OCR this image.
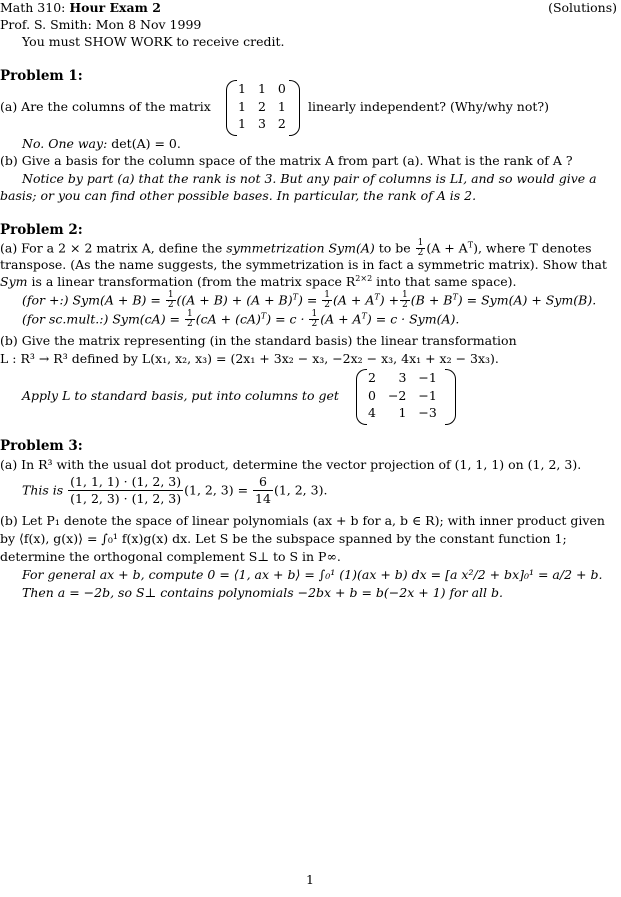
Math 310: Hour Exam 2	(Solutions)
Prof. S. Smith: Mon 8 Nov 1999
You must SHOW WORK to receive credit.
Problem 1:
(a) Are the columns of the matrix
1	1	0
1	2	1
1	3	2
linearly independent? (Why/why not?)
No. One way: det(A) = 0.
(b) Give a basis for the column space of the matrix A from part (a). What is the rank of A ?
Notice by part (a) that the rank is not 3. But any pair of columns is LI, and so would give a
basis; or you can find other possible bases. In particular, the rank of A is 2.
Problem 2:
(a) For a 2 × 2 matrix A, define the symmetrization Sym(A) to be $\frac{1}{2} (A + A^T)$, where T denotes
transpose. (As the name suggests, the symmetrization is in fact a symmetric matrix). Show that
Sym is a linear transformation (from the matrix space $R^{2\times 2}$ into that same space).
(for +:) $Sym(A + B) = \frac{1}{2} ((A + B) + (A + B)^T) = \frac{1}{2} (A + A^T) + \frac{1}{2} (B + B^T) = Sym(A) + Sym(B)$.
(for sc.mult.:) $Sym(cA) = \frac{1}{2} (cA + (cA)^T) = c \cdot \frac{1}{2} (A + A^T) = c \cdot Sym(A)$.
(b) Give the matrix representing (in the standard basis) the linear transformation
L : R³ → R³ defined by L(x₁, x₂, x₃) = (2x₁ + 3x₂ − x₃, −2x₂ − x₃, 4x₁ + x₂ − 3x₃).
Apply L to standard basis, put into columns to get
2	3	−1
0	−2	−1
4	1	−3
Problem 3:
(a) In R³ with the usual dot product, determine the vector projection of (1, 1, 1) on (1, 2, 3).
This is $\frac{(1, 1, 1) \cdot (1, 2, 3)}{(1, 2, 3) \cdot (1, 2, 3)} (1$, 2, $3) = \frac{6}{14} (1$, 2, 3).
(b) Let P₁ denote the space of linear polynomials (ax + b for a, b ∈ R); with inner product given
by ⟨f(x), g(x)⟩ = ∫₀¹ f(x)g(x) dx. Let S be the subspace spanned by the constant function 1;
determine the orthogonal complement S⊥ to S in P∞.
For general ax + b, compute 0 = ⟨1, ax + b⟩ = ∫₀¹ (1)(ax + b) dx = [a x²/2 + bx]₀¹ = a/2 + b.
Then a = −2b, so S⊥ contains polynomials −2bx + b = b(−2x + 1) for all b.
1
